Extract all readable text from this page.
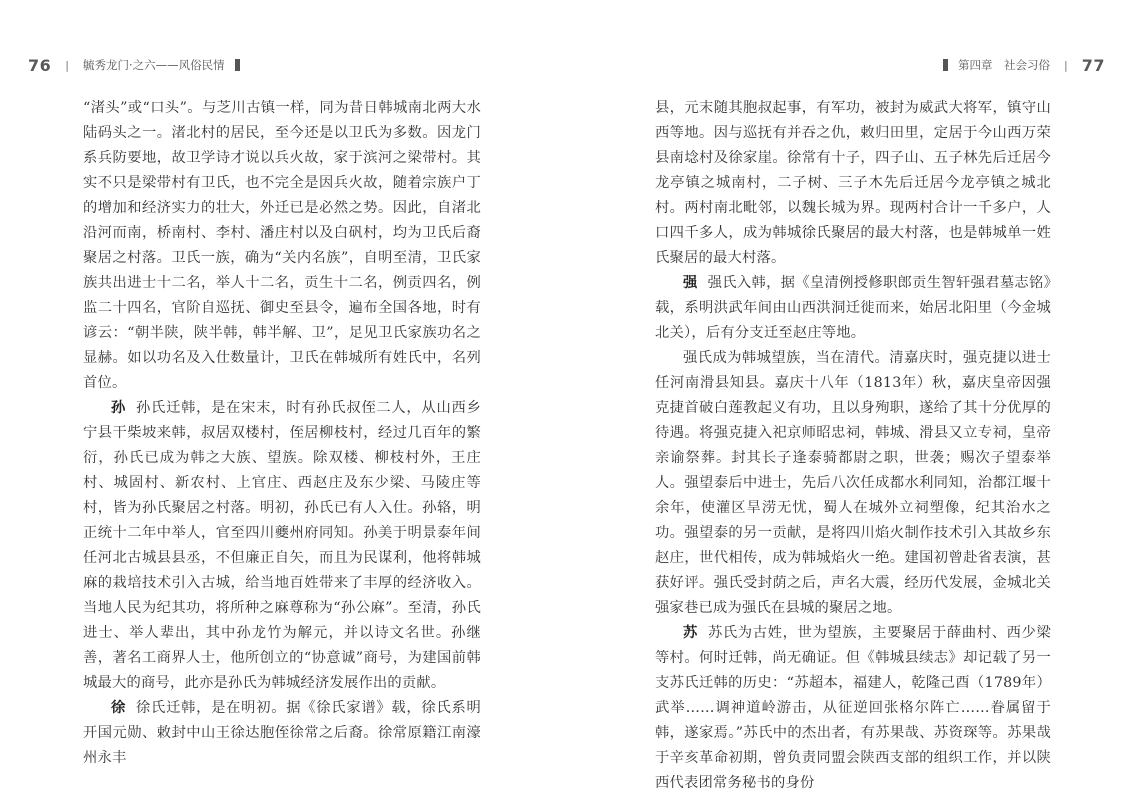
76 | 毓秀龙门·之六——风俗民情

“渚头”或“口头”。与芝川古镇一样，同为昔日韩城南北两大水陆码头之一。渚北村的居民，至今还是以卫氏为多数。因龙门系兵防要地，故卫学诗才说以兵火故，家于滨河之梁带村。其实不只是梁带村有卫氏，也不完全是因兵火故，随着宗族户丁的增加和经济实力的壮大，外迁已是必然之势。因此，自渚北沿河而南，桥南村、李村、潘庄村以及白矾村，均为卫氏后裔聚居之村落。卫氏一族，确为“关内名族”，自明至清，卫氏家族共出进士十二名，举人十二名，贡生十二名，例贡四名，例监二十四名，官阶自巡抚、御史至县令，遍布全国各地，时有谚云：“朝半陕，陕半韩，韩半解、卫”，足见卫氏家族功名之显赫。如以功名及入仕数量计，卫氏在韩城所有姓氏中，名列首位。

孙 孙氏迁韩，是在宋末，时有孙氏叔侄二人，从山西乡宁县干柴坡来韩，叔居双楼村，侄居柳枝村，经过几百年的繁衍，孙氏已成为韩之大族、望族。除双楼、柳枝村外，王庄村、城固村、新农村、上官庄、西赵庄及东少梁、马陵庄等村，皆为孙氏聚居之村落。明初，孙氏已有人入仕。孙辂，明正统十二年中举人，官至四川夔州府同知。孙美于明景泰年间任河北古城县县丞，不但廉正自矢，而且为民谋利，他将韩城麻的栽培技术引入古城，给当地百姓带来了丰厚的经济收入。当地人民为纪其功，将所种之麻尊称为“孙公麻”。至清，孙氏进士、举人辈出，其中孙龙竹为解元，并以诗文名世。孙继善，著名工商界人士，他所创立的“协意诚”商号，为建国前韩城最大的商号，此亦是孙氏为韩城经济发展作出的贡献。

徐 徐氏迁韩，是在明初。据《徐氏家谱》载，徐氏系明开国元勋、敕封中山王徐达胞侄徐常之后裔。徐常原籍江南濠州永丰

第四章　社会习俗 | 77

县，元末随其胞叔起事，有军功，被封为威武大将军，镇守山西等地。因与巡抚有并吞之仇，敕归田里，定居于今山西万荣县南埝村及徐家崖。徐常有十子，四子山、五子林先后迁居今龙亭镇之城南村，二子树、三子木先后迁居今龙亭镇之城北村。两村南北毗邻，以魏长城为界。现两村合计一千多户，人口四千多人，成为韩城徐氏聚居的最大村落，也是韩城单一姓氏聚居的最大村落。

强 强氏入韩，据《皇清例授修职郎贡生智轩强君墓志铭》载，系明洪武年间由山西洪洞迁徙而来，始居北阳里（今金城北关），后有分支迁至赵庄等地。

强氏成为韩城望族，当在清代。清嘉庆时，强克捷以进士任河南滑县知县。嘉庆十八年（1813年）秋，嘉庆皇帝因强克捷首破白莲教起义有功，且以身殉职，遂给了其十分优厚的待遇。将强克捷入祀京师昭忠祠，韩城、滑县又立专祠，皇帝亲谕祭葬。封其长子逢泰骑都尉之职，世袭；赐次子望泰举人。强望泰后中进士，先后八次任成都水利同知，治都江堰十余年，使灌区旱涝无忧，蜀人在城外立祠塑像，纪其治水之功。强望泰的另一贡献，是将四川焰火制作技术引入其故乡东赵庄，世代相传，成为韩城焰火一绝。建国初曾赴省表演，甚获好评。强氏受封荫之后，声名大震，经历代发展，金城北关强家巷已成为强氏在县城的聚居之地。

苏 苏氏为古姓，世为望族，主要聚居于薛曲村、西少梁等村。何时迁韩，尚无确证。但《韩城县续志》却记载了另一支苏氏迁韩的历史：“苏超本，福建人，乾隆己酉（1789年）武举……调神道岭游击，从征逆回张格尔阵亡……眷属留于韩，遂家焉。”苏氏中的杰出者，有苏果哉、苏资琛等。苏果哉于辛亥革命初期，曾负责同盟会陕西支部的组织工作，并以陕西代表团常务秘书的身份
